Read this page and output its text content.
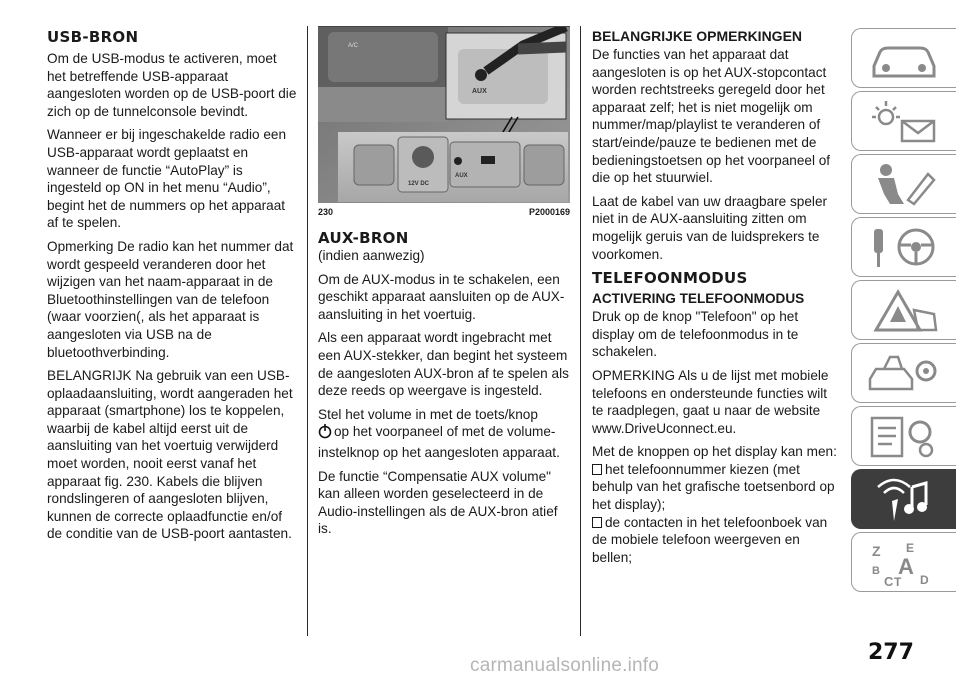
USB-BRON

Om de USB-modus te activeren, moet het betreffende USB-apparaat aangesloten worden op de USB-poort die zich op de tunnelconsole bevindt.

Wanneer er bij ingeschakelde radio een USB-apparaat wordt geplaatst en wanneer de functie “AutoPlay” is ingesteld op ON in het menu “Audio”, begint het de nummers op het apparaat af te spelen.

Opmerking De radio kan het nummer dat wordt gespeeld veranderen door het wijzigen van het naam-apparaat in de Bluetoothinstellingen van de telefoon (waar voorzien(, als het apparaat is aangesloten via USB na de bluetoothverbinding.

BELANGRIJK Na gebruik van een USB-oplaadaansluiting, wordt aangeraden het apparaat (smartphone) los te koppelen, waarbij de kabel altijd eerst uit de aansluiting van het voertuig verwijderd moet worden, nooit eerst vanaf het apparaat fig. 230. Kabels die blijven rondslingeren of aangesloten blijven, kunnen de correcte oplaadfunctie en/of de conditie van de USB-poort aantasten.

A/C
AUX
12V DC
AUX
230	P2000169
AUX-BRON

(indien aanwezig)

Om de AUX-modus in te schakelen, een geschikt apparaat aansluiten op de AUX-aansluiting in het voertuig.

Als een apparaat wordt ingebracht met een AUX-stekker, dan begint het systeem de aangesloten AUX-bron af te spelen als deze reeds op weergave is ingesteld.

Stel het volume in met de toets/knop
op het voorpaneel of met de volume-instelknop op het aangesloten apparaat.

De functie “Compensatie AUX volume" kan alleen worden geselecteerd in de Audio-instellingen als de AUX-bron atief is.

BELANGRIJKE OPMERKINGEN

De functies van het apparaat dat aangesloten is op het AUX-stopcontact worden rechtstreeks geregeld door het apparaat zelf; het is niet mogelijk om nummer/map/playlist te veranderen of start/einde/pauze te bedienen met de bedieningstoetsen op het voorpaneel of die op het stuurwiel.

Laat de kabel van uw draagbare speler niet in de AUX-aansluiting zitten om mogelijk geruis van de luidsprekers te voorkomen.

TELEFOONMODUS
ACTIVERING TELEFOONMODUS

Druk op de knop "Telefoon" op het display om de telefoonmodus in te schakelen.

OPMERKING Als u de lijst met mobiele telefoons en ondersteunde functies wilt te raadplegen, gaat u naar de website www.DriveUconnect.eu.

Met de knoppen op het display kan men:

het telefoonnummer kiezen (met behulp van het grafische toetsenbord op het display);
de contacten in het telefoonboek van de mobiele telefoon weergeven en bellen;	Z E
B A
C T D
277
carmanualsonline.info
